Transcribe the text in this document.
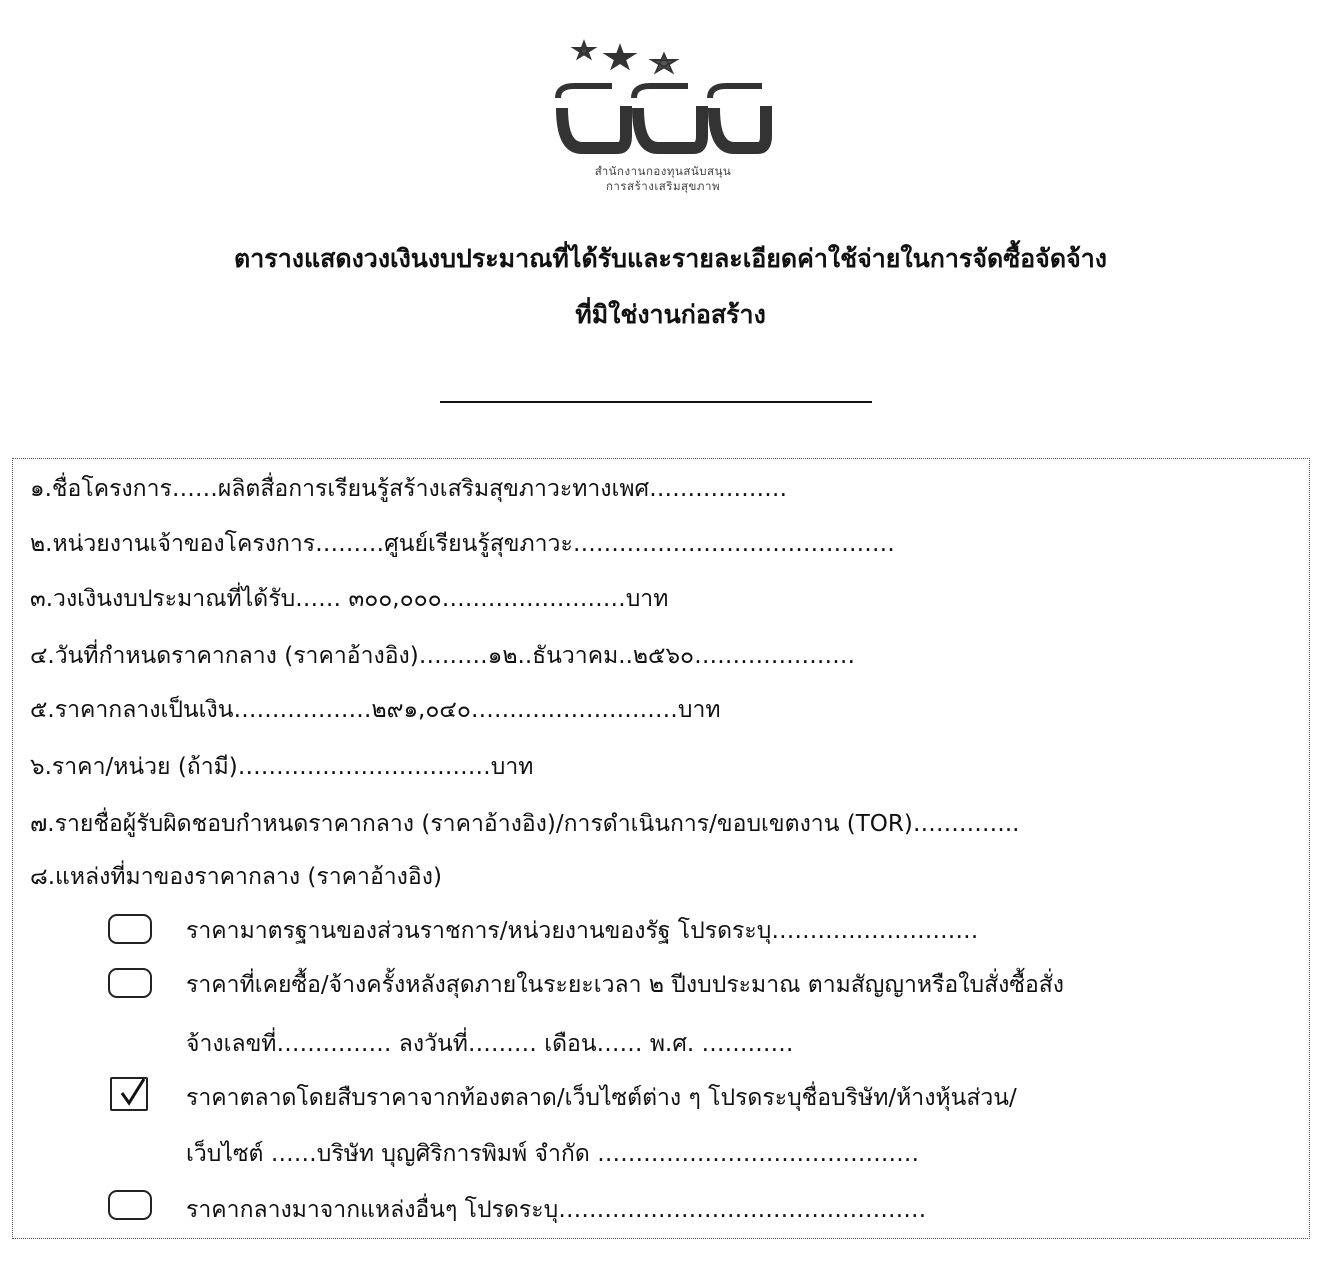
สำนักงานกองทุนสนับสนุน
การสร้างเสริมสุขภาพ
ตารางแสดงวงเงินงบประมาณที่ได้รับและรายละเอียดค่าใช้จ่ายในการจัดซื้อจัดจ้าง
ที่มิใช่งานก่อสร้าง
๑.ชื่อโครงการ……ผลิตสื่อการเรียนรู้สร้างเสริมสุขภาวะทางเพศ………………
๒.หน่วยงานเจ้าของโครงการ………ศูนย์เรียนรู้สุขภาวะ……………………………………
๓.วงเงินงบประมาณที่ได้รับ…… ๓๐๐,๐๐๐……………………บาท
๔.วันที่กำหนดราคากลาง (ราคาอ้างอิง)………๑๒..ธันวาคม..๒๕๖๐…………………
๕.ราคากลางเป็นเงิน………………๒๙๑,๐๔๐………………………บาท
๖.ราคา/หน่วย (ถ้ามี)……………………………บาท
๗.รายชื่อผู้รับผิดชอบกำหนดราคากลาง (ราคาอ้างอิง)/การดำเนินการ/ขอบเขตงาน (TOR)…………..
๘.แหล่งที่มาของราคากลาง (ราคาอ้างอิง)
ราคามาตรฐานของส่วนราชการ/หน่วยงานของรัฐ โปรดระบุ………………………
ราคาที่เคยซื้อ/จ้างครั้งหลังสุดภายในระยะเวลา ๒ ปีงบประมาณ ตามสัญญาหรือใบสั่งซื้อสั่ง
จ้างเลขที่…………… ลงวันที่……… เดือน…… พ.ศ. …………
ราคาตลาดโดยสืบราคาจากท้องตลาด/เว็บไซต์ต่าง ๆ โปรดระบุชื่อบริษัท/ห้างหุ้นส่วน/
เว็บไซต์ ……บริษัท บุญศิริการพิมพ์ จำกัด ……………………………………
ราคากลางมาจากแหล่งอื่นๆ โปรดระบุ…………………………………………
